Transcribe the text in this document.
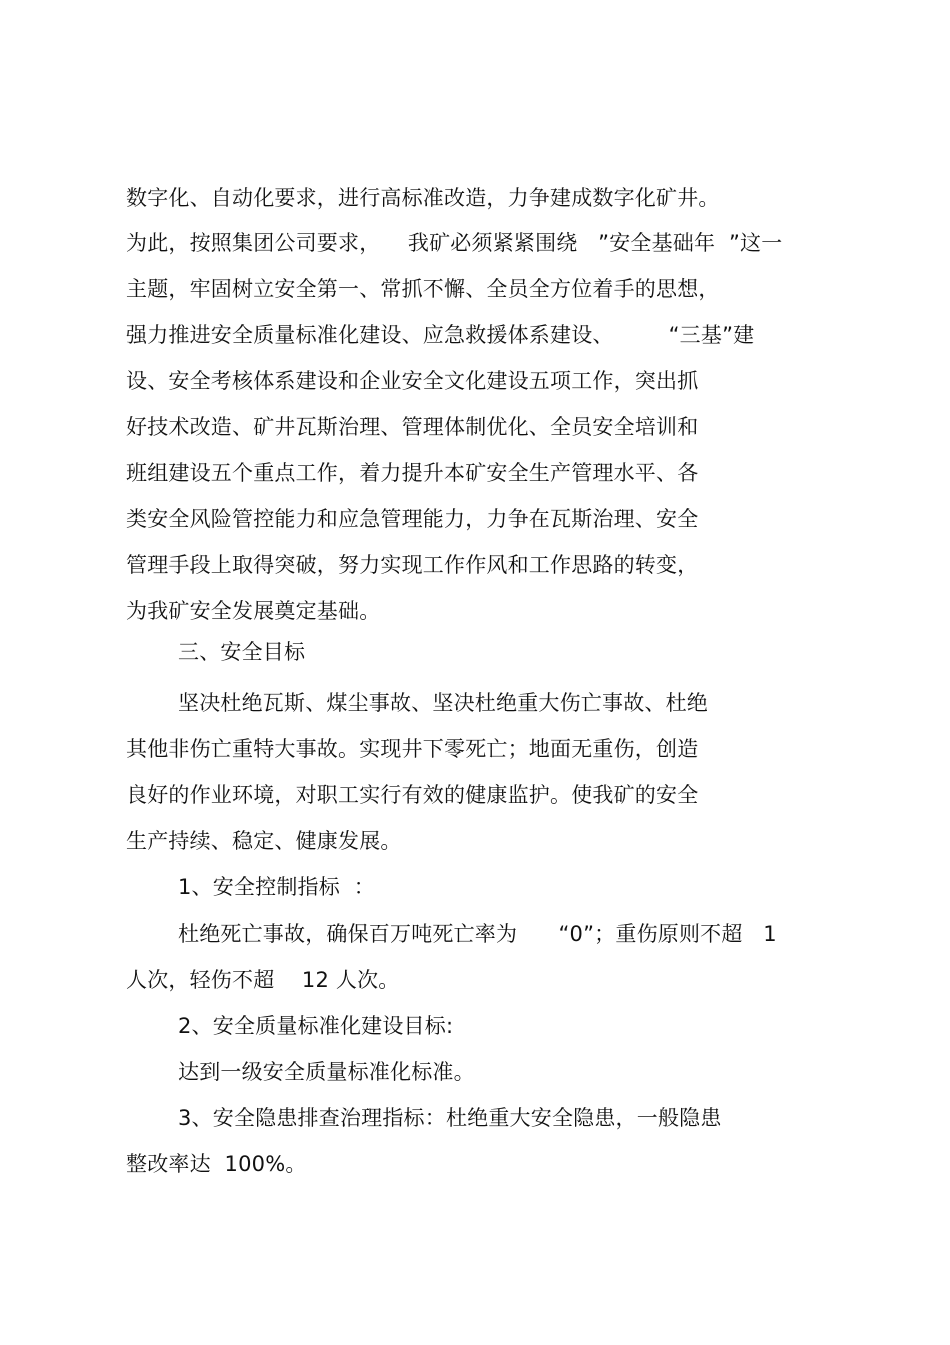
数字化、自动化要求，进行高标准改造，力争建成数字化矿井。
为此，按照集团公司要求，    我矿必须紧紧围绕   ”安全基础年  ”这一
主题，牢固树立安全第一、常抓不懈、全员全方位着手的思想，
强力推进安全质量标准化建设、应急救援体系建设、        “三基”建
设、安全考核体系建设和企业安全文化建设五项工作，突出抓
好技术改造、矿井瓦斯治理、管理体制优化、全员安全培训和
班组建设五个重点工作，着力提升本矿安全生产管理水平、各
类安全风险管控能力和应急管理能力，力争在瓦斯治理、安全
管理手段上取得突破，努力实现工作作风和工作思路的转变，
为我矿安全发展奠定基础。
三、安全目标
坚决杜绝瓦斯、煤尘事故、坚决杜绝重大伤亡事故、杜绝
其他非伤亡重特大事故。实现井下零死亡；地面无重伤，创造
良好的作业环境，对职工实行有效的健康监护。使我矿的安全
生产持续、稳定、健康发展。
1、安全控制指标  ：
杜绝死亡事故，确保百万吨死亡率为      “0”；重伤原则不超   1
人次，轻伤不超    12 人次。
2、安全质量标准化建设目标:
达到一级安全质量标准化标准。
3、安全隐患排查治理指标：杜绝重大安全隐患，一般隐患
整改率达  100%。
